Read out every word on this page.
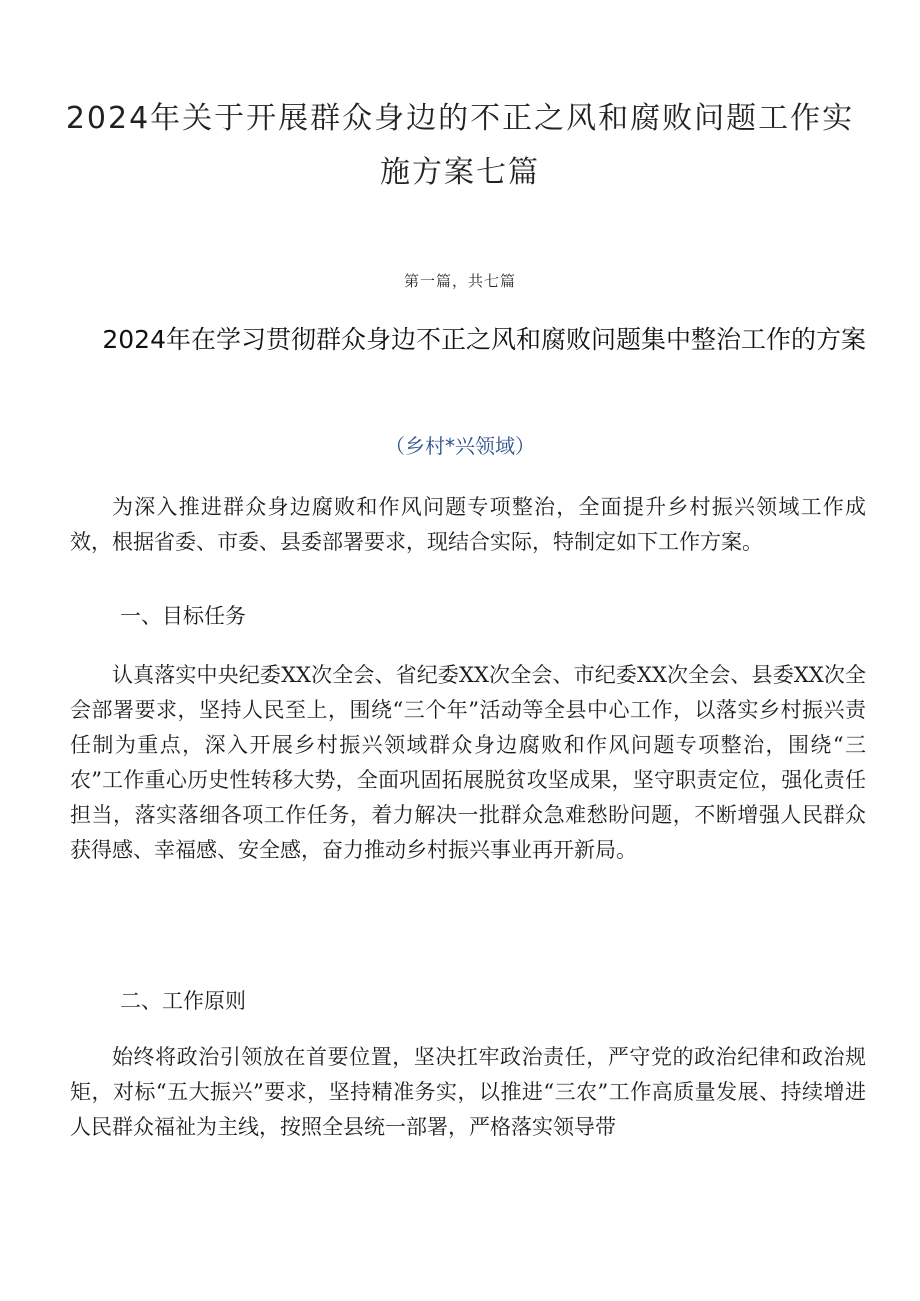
2024年关于开展群众身边的不正之风和腐败问题工作实施方案七篇
第一篇，共七篇
2024年在学习贯彻群众身边不正之风和腐败问题集中整治工作的方案
（乡村*兴领域）

为深入推进群众身边腐败和作风问题专项整治，全面提升乡村振兴领域工作成效，根据省委、市委、县委部署要求，现结合实际，特制定如下工作方案。

一、目标任务

认真落实中央纪委XX次全会、省纪委XX次全会、市纪委XX次全会、县委XX次全会部署要求，坚持人民至上，围绕“三个年”活动等全县中心工作，以落实乡村振兴责任制为重点，深入开展乡村振兴领域群众身边腐败和作风问题专项整治，围绕“三农”工作重心历史性转移大势，全面巩固拓展脱贫攻坚成果，坚守职责定位，强化责任担当，落实落细各项工作任务，着力解决一批群众急难愁盼问题，不断增强人民群众获得感、幸福感、安全感，奋力推动乡村振兴事业再开新局。

二、工作原则

始终将政治引领放在首要位置，坚决扛牢政治责任，严守党的政治纪律和政治规矩，对标“五大振兴”要求，坚持精准务实，以推进“三农”工作高质量发展、持续增进人民群众福祉为主线，按照全县统一部署，严格落实领导带
